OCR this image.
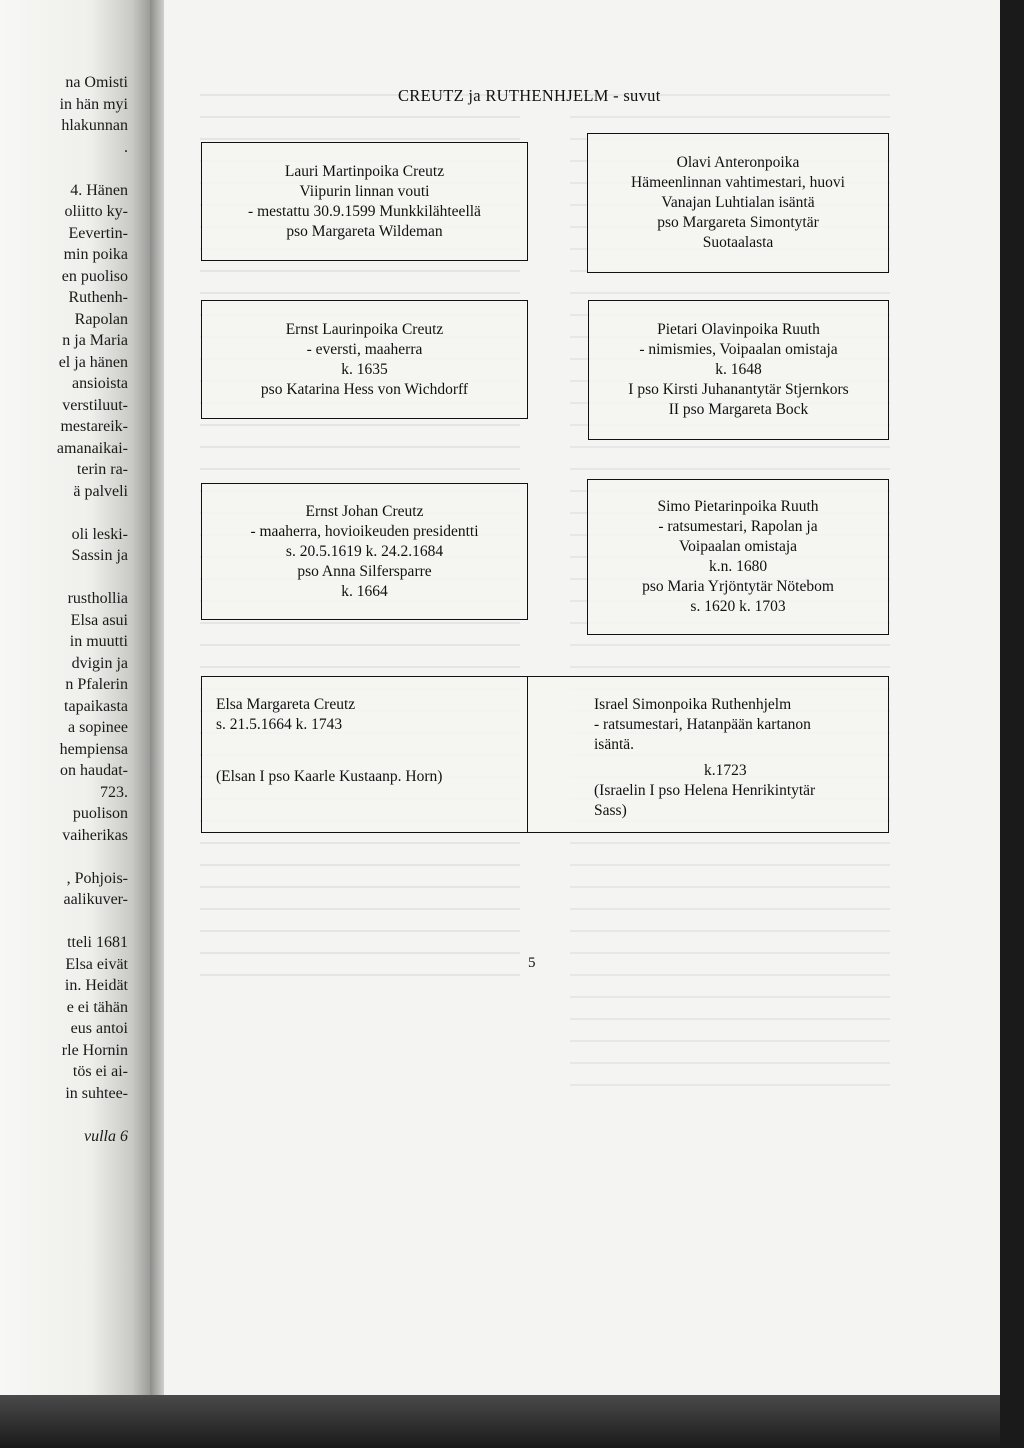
na Omisti
in hän myi
hlakunnan
.
4. Hänen
oliitto ky-
Eevertin-
min poika
en puoliso
Ruthenh-
Rapolan
n ja Maria
el ja hänen
ansioista
verstiluut-
mestareik-
amanaikai-
terin ra-
ä palveli
oli leski-
Sassin ja
rusthollia
Elsa asui
in muutti
dvigin ja
n Pfalerin
tapaikasta
a sopinee
hempiensa
on haudat-
723.
puolison
vaiherikas
, Pohjois-
aalikuver-
tteli 1681
Elsa eivät
in. Heidät
e ei tähän
eus antoi
rle Hornin
tös ei ai-
in suhtee-
vulla 6
CREUTZ ja RUTHENHJELM - suvut
Lauri Martinpoika Creutz
Viipurin linnan vouti
- mestattu 30.9.1599 Munkkilähteellä
pso Margareta Wildeman
Olavi Anteronpoika
Hämeenlinnan vahtimestari, huovi
Vanajan Luhtialan isäntä
pso Margareta Simontytär
Suotaalasta
Ernst Laurinpoika Creutz
- eversti, maaherra
k. 1635
pso Katarina Hess von Wichdorff
Pietari Olavinpoika Ruuth
- nimismies, Voipaalan omistaja
k. 1648
I pso Kirsti Juhanantytär Stjernkors
II pso Margareta Bock
Ernst Johan Creutz
- maaherra, hovioikeuden presidentti
s. 20.5.1619 k. 24.2.1684
pso Anna Silfersparre
k. 1664
Simo Pietarinpoika Ruuth
- ratsumestari, Rapolan ja
Voipaalan omistaja
k.n. 1680
pso Maria Yrjöntytär Nötebom
s. 1620 k. 1703
Elsa Margareta Creutz
s. 21.5.1664 k. 1743
(Elsan I pso Kaarle Kustaanp. Horn)
Israel Simonpoika Ruthenhjelm
- ratsumestari, Hatanpään kartanon
isäntä.
k.1723
(Israelin I pso Helena Henrikintytär
Sass)
5
